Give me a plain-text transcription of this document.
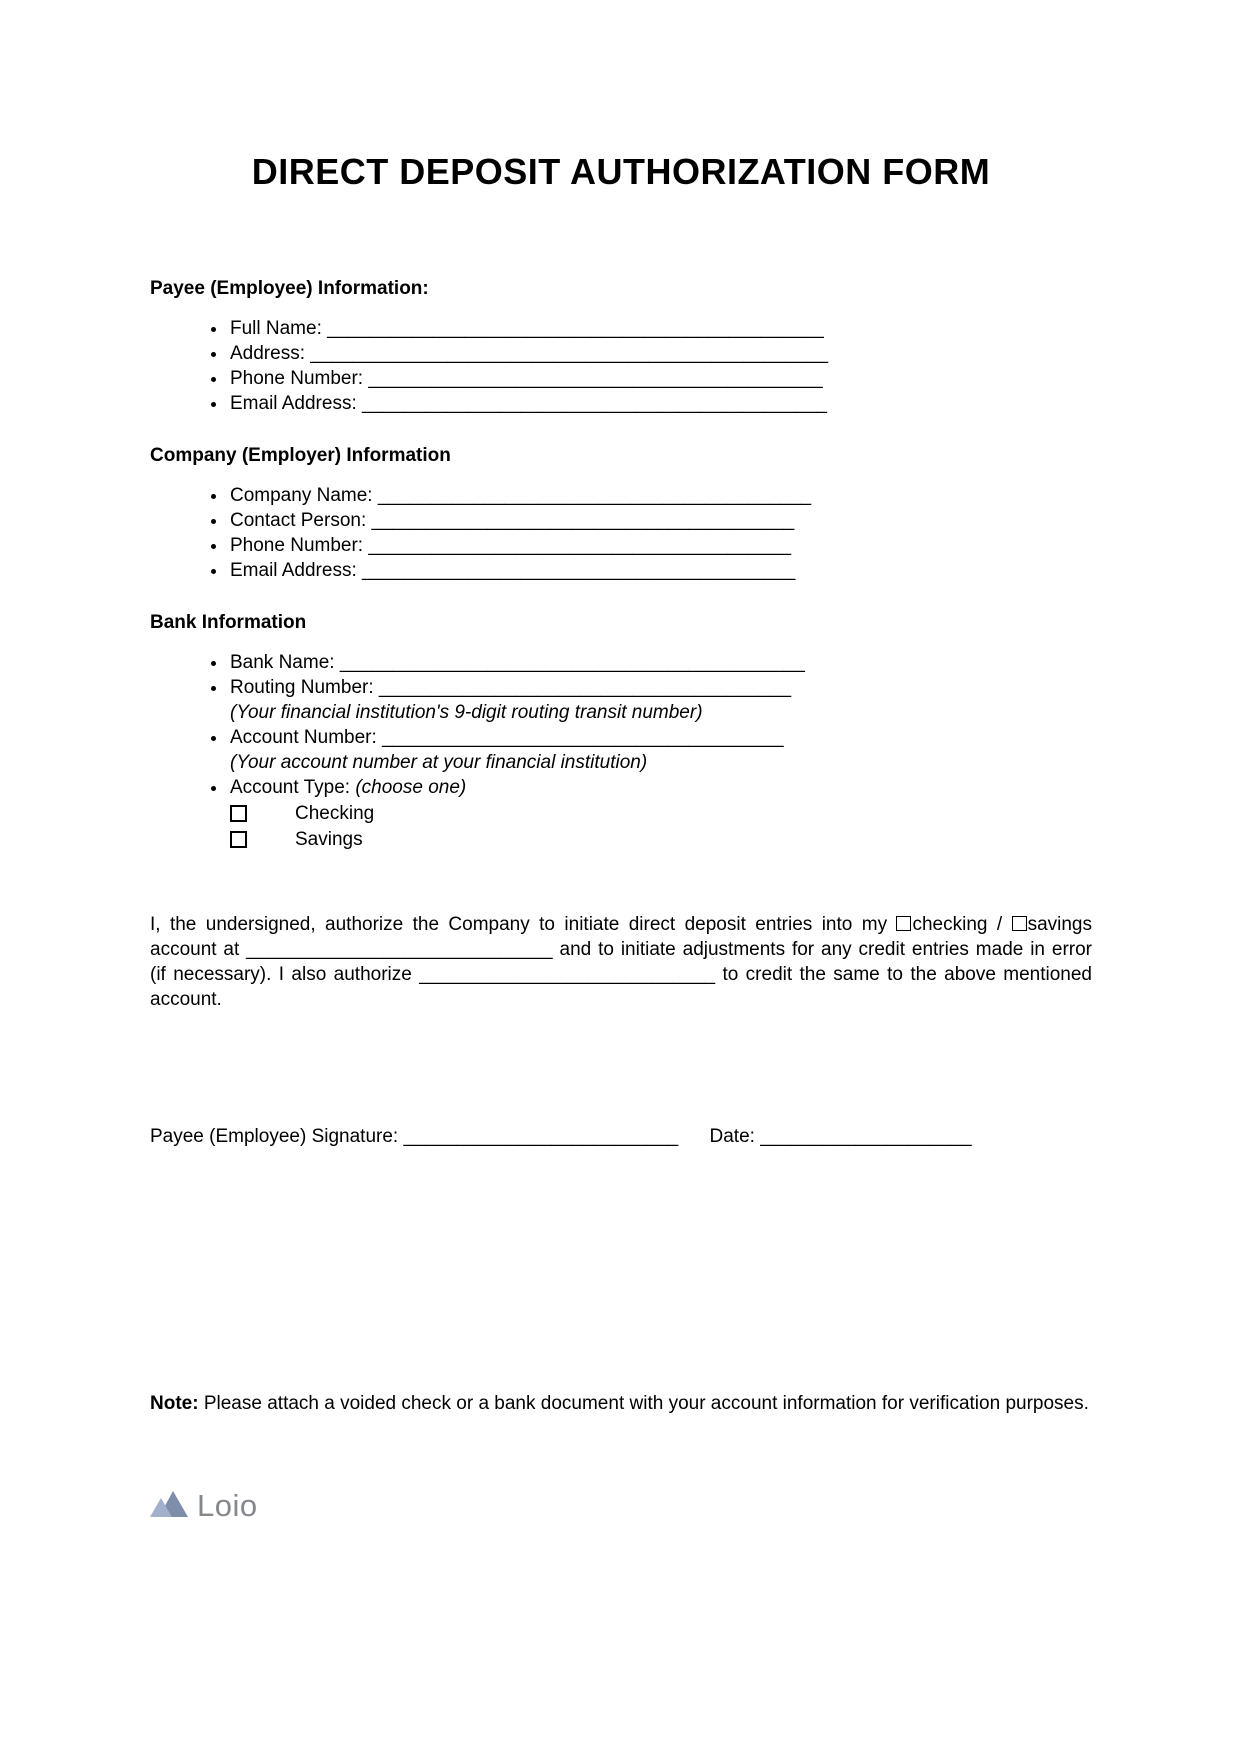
DIRECT DEPOSIT AUTHORIZATION FORM
Payee (Employee) Information:
• Full Name: _______________________________________________
• Address: _________________________________________________
• Phone Number: ___________________________________________
• Email Address: ____________________________________________
Company (Employer) Information
• Company Name: _________________________________________
• Contact Person: ________________________________________
• Phone Number: ________________________________________
• Email Address: _________________________________________
Bank Information
• Bank Name: ____________________________________________
• Routing Number: _______________________________________
(Your financial institution's 9-digit routing transit number)
• Account Number: ______________________________________
(Your account number at your financial institution)
• Account Type: (choose one)
Checking
Savings

I, the undersigned, authorize the Company to initiate direct deposit entries into my checking / savings account at _____________________________ and to initiate adjustments for any credit entries made in error (if necessary). I also authorize ____________________________ to credit the same to the above mentioned account.

Payee (Employee) Signature: __________________________ Date: ____________________

Note: Please attach a voided check or a bank document with your account information for verification purposes.

Loio
